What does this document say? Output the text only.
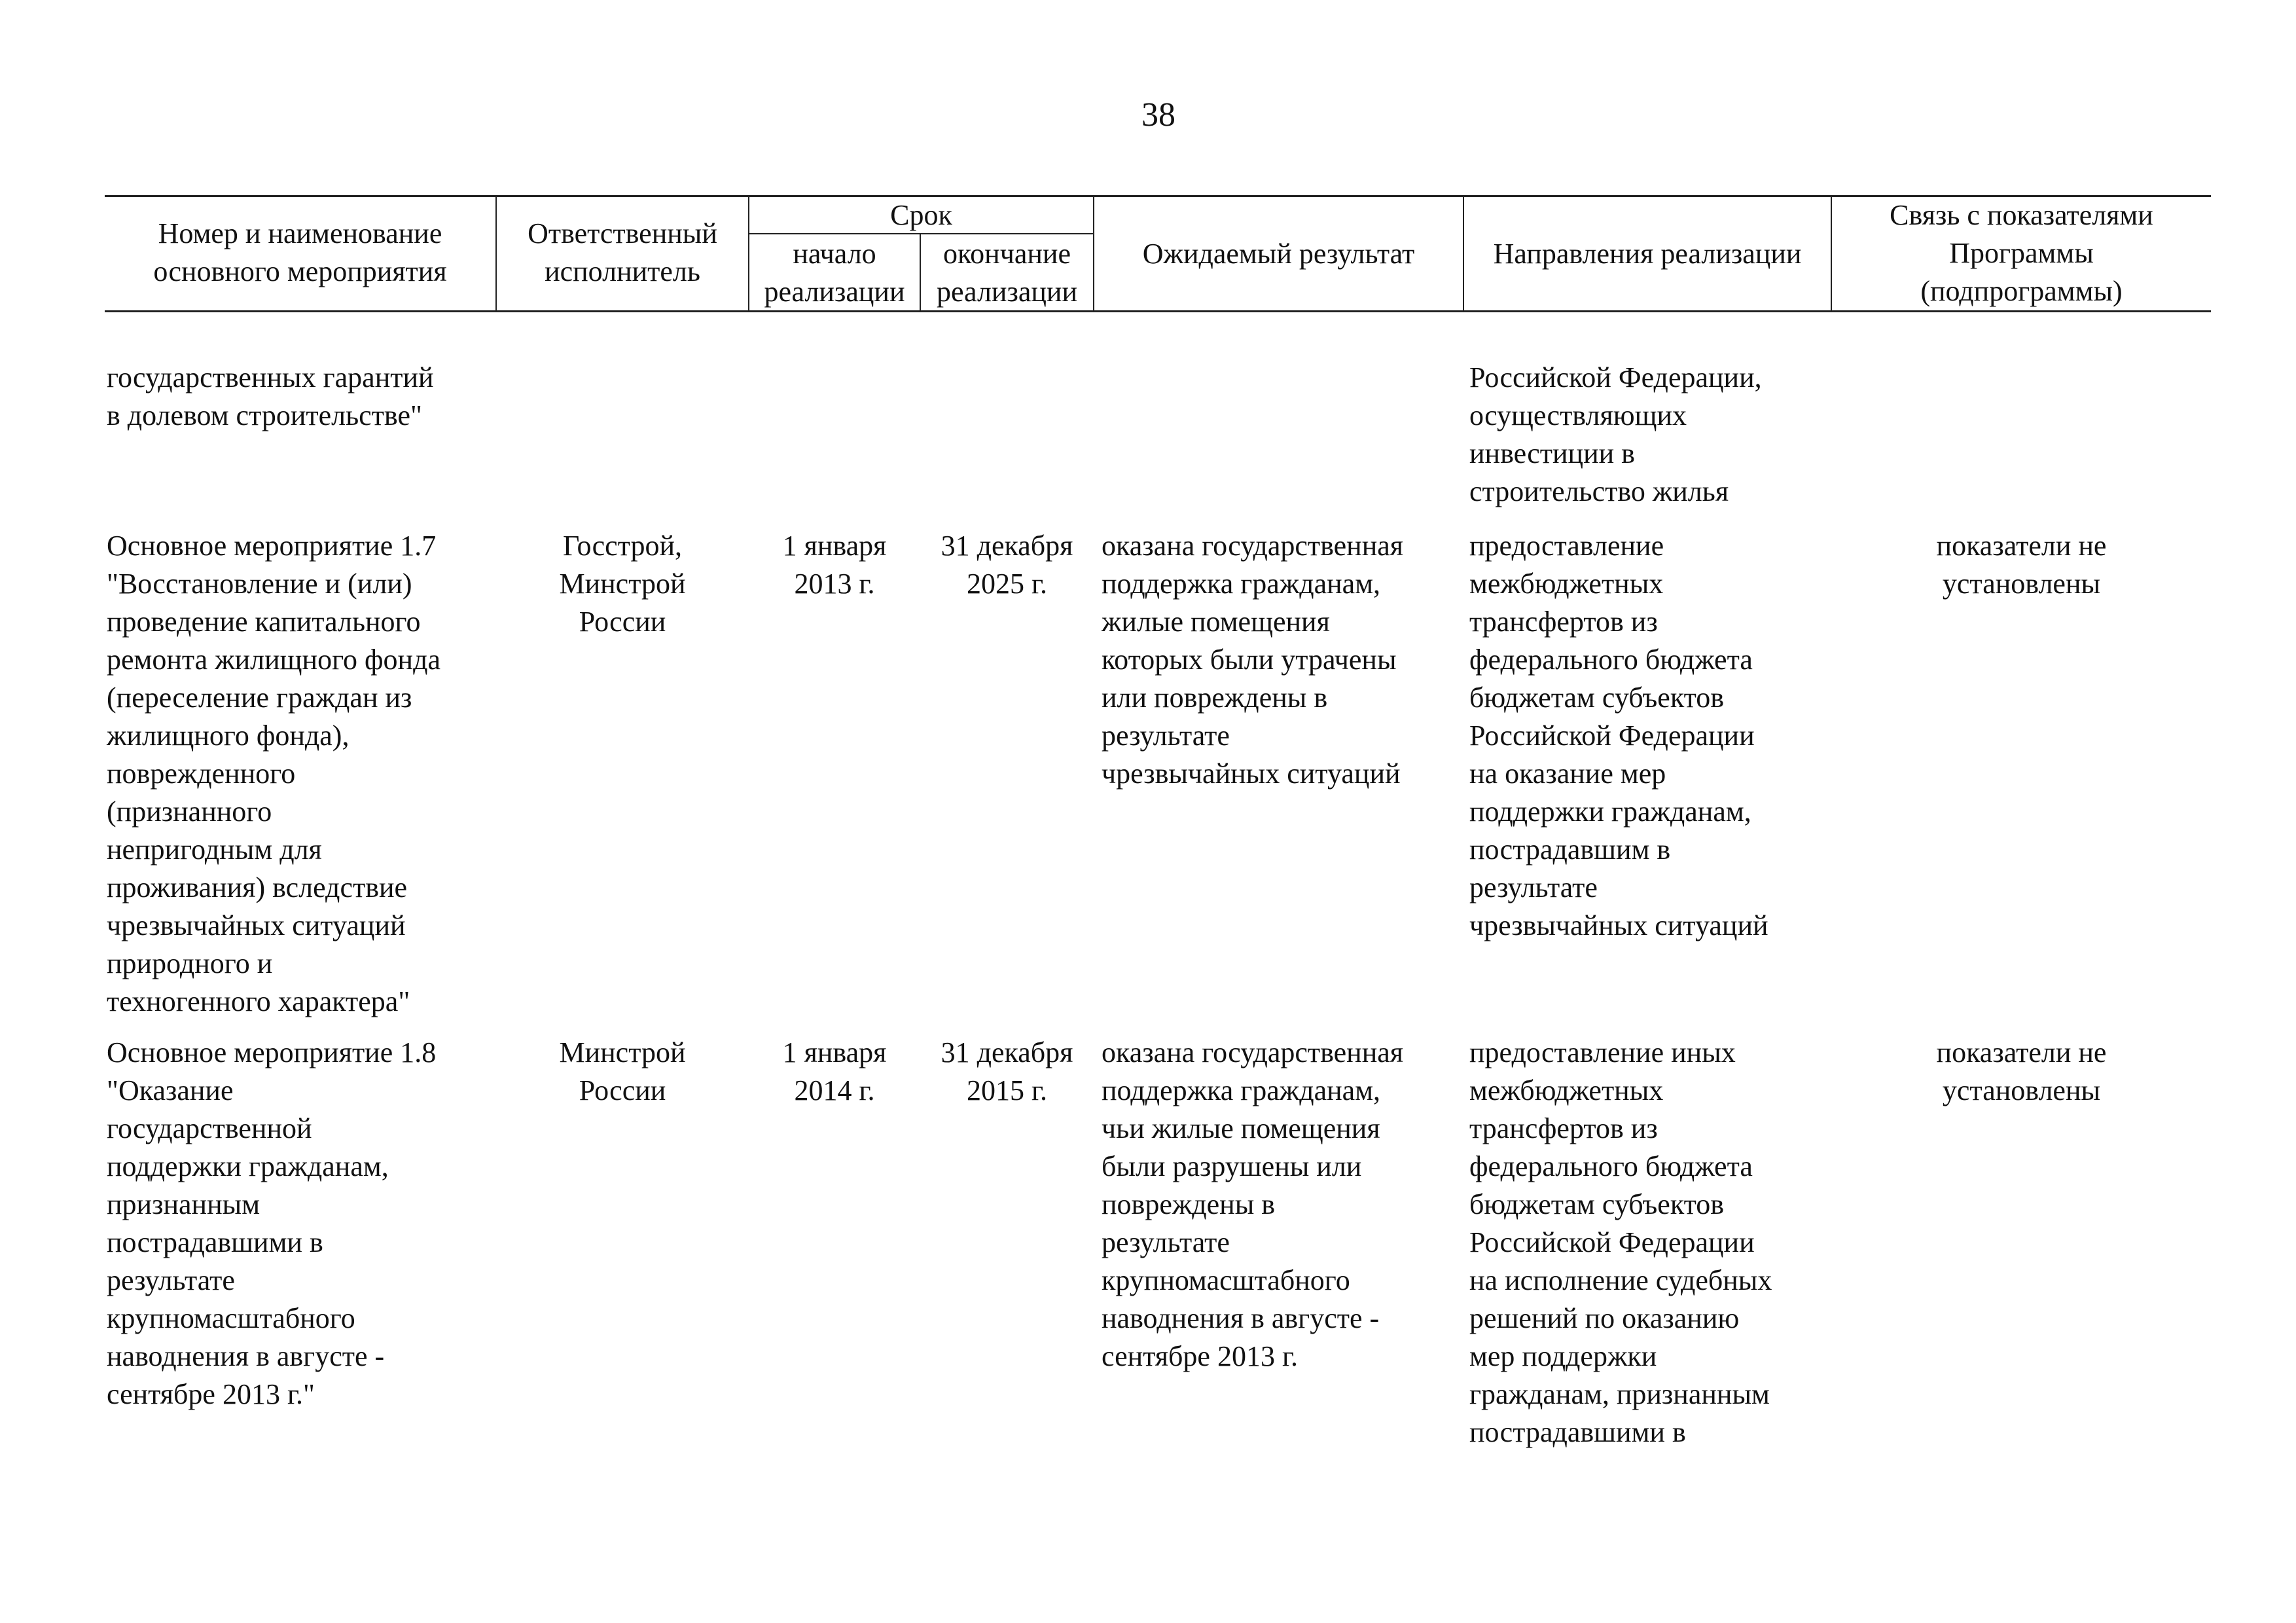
38
Номер и наименование
основного мероприятия
Ответственный
исполнитель
Срок
начало
реализации
окончание
реализации
Ожидаемый результат	Направления реализации
Связь с показателями
Программы
(подпрограммы)
государственных гарантий
в долевом строительстве"
Российской Федерации,
осуществляющих
инвестиции в
строительство жилья
Основное мероприятие 1.7
"Восстановление и (или)
проведение капитального
ремонта жилищного фонда
(переселение граждан из
жилищного фонда),
поврежденного
(признанного
непригодным для
проживания) вследствие
чрезвычайных ситуаций
природного и
техногенного характера"
Госстрой,
Минстрой
России
1 января
2013 г.
31 декабря
2025 г.
оказана государственная
поддержка гражданам,
жилые помещения
которых были утрачены
или повреждены в
результате
чрезвычайных ситуаций
предоставление
межбюджетных
трансфертов из
федерального бюджета
бюджетам субъектов
Российской Федерации
на оказание мер
поддержки гражданам,
пострадавшим в
результате
чрезвычайных ситуаций
показатели не
установлены
Основное мероприятие 1.8
"Оказание
государственной
поддержки гражданам,
признанным
пострадавшими в
результате
крупномасштабного
наводнения в августе -
сентябре 2013 г."
Минстрой
России
1 января
2014 г.
31 декабря
2015 г.
оказана государственная
поддержка гражданам,
чьи жилые помещения
были разрушены или
повреждены в
результате
крупномасштабного
наводнения в августе -
сентябре 2013 г.
предоставление иных
межбюджетных
трансфертов из
федерального бюджета
бюджетам субъектов
Российской Федерации
на исполнение судебных
решений по оказанию
мер поддержки
гражданам, признанным
пострадавшими в
показатели не
установлены
